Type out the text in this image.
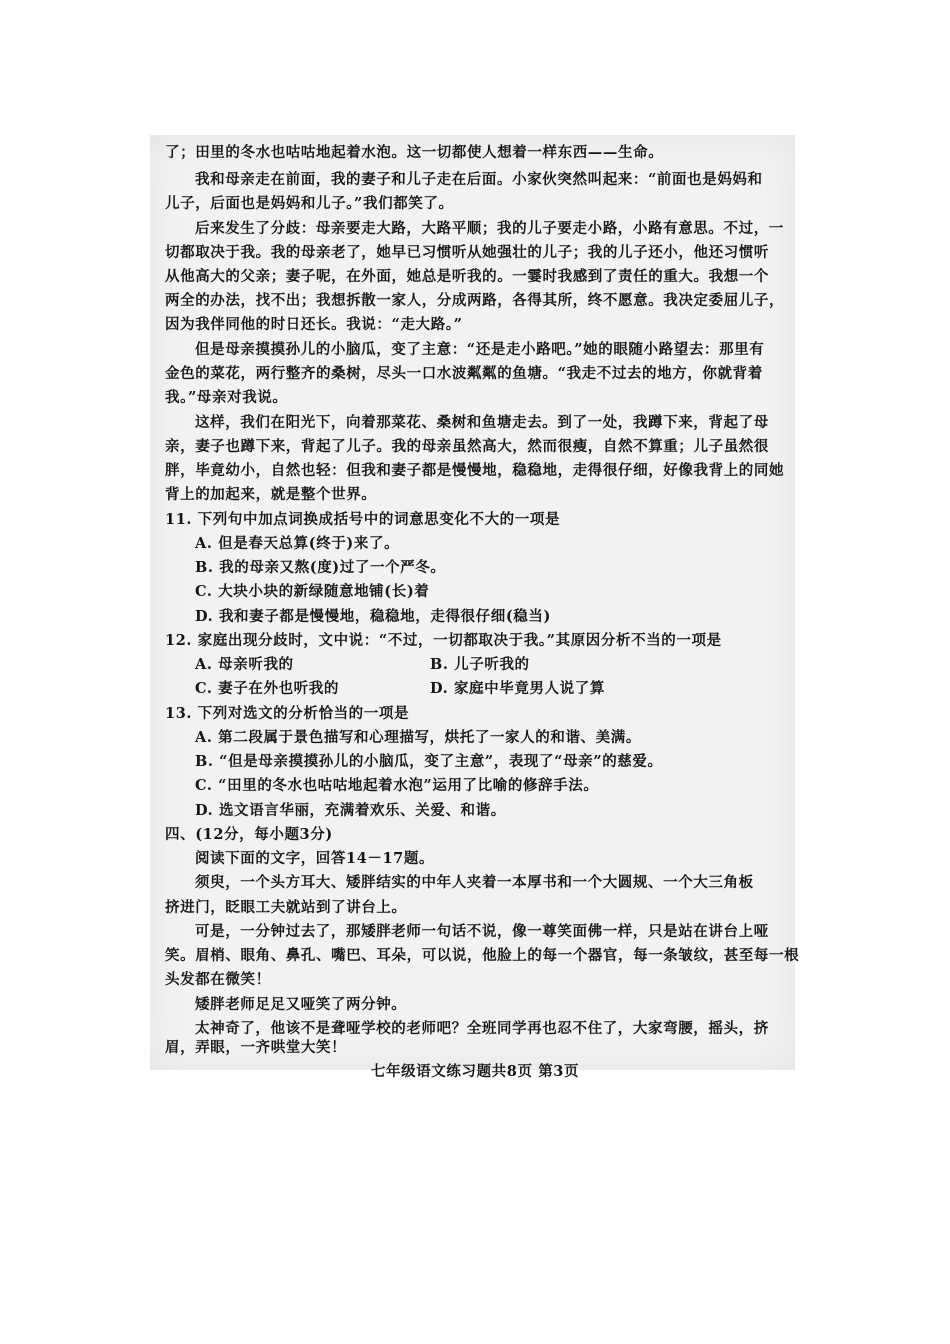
了；田里的冬水也咕咕地起着水泡。这一切都使人想着一样东西——生命。
我和母亲走在前面，我的妻子和儿子走在后面。小家伙突然叫起来：“前面也是妈妈和
儿子，后面也是妈妈和儿子。”我们都笑了。
后来发生了分歧：母亲要走大路，大路平顺；我的儿子要走小路，小路有意思。不过，一
切都取决于我。我的母亲老了，她早已习惯听从她强壮的儿子；我的儿子还小，他还习惯听
从他高大的父亲；妻子呢，在外面，她总是听我的。一霎时我感到了责任的重大。我想一个
两全的办法，找不出；我想拆散一家人，分成两路，各得其所，终不愿意。我决定委屈儿子，
因为我伴同他的时日还长。我说：“走大路。”
但是母亲摸摸孙儿的小脑瓜，变了主意：“还是走小路吧。”她的眼随小路望去：那里有
金色的菜花，两行整齐的桑树，尽头一口水波粼粼的鱼塘。“我走不过去的地方，你就背着
我。”母亲对我说。
这样，我们在阳光下，向着那菜花、桑树和鱼塘走去。到了一处，我蹲下来，背起了母
亲，妻子也蹲下来，背起了儿子。我的母亲虽然高大，然而很瘦，自然不算重；儿子虽然很
胖，毕竟幼小，自然也轻：但我和妻子都是慢慢地，稳稳地，走得很仔细，好像我背上的同她
背上的加起来，就是整个世界。
11. 下列句中加点词换成括号中的词意思变化不大的一项是
A. 但是春天总算(终于)来了。
B. 我的母亲又熬(度)过了一个严冬。
C. 大块小块的新绿随意地铺(长)着
D. 我和妻子都是慢慢地，稳稳地，走得很仔细(稳当)
12. 家庭出现分歧时，文中说：“不过，一切都取决于我。”其原因分析不当的一项是
A. 母亲听我的	B. 儿子听我的
C. 妻子在外也听我的	D. 家庭中毕竟男人说了算
13. 下列对选文的分析恰当的一项是
A. 第二段属于景色描写和心理描写，烘托了一家人的和谐、美满。
B. “但是母亲摸摸孙儿的小脑瓜，变了主意”，表现了“母亲”的慈爱。
C. “田里的冬水也咕咕地起着水泡”运用了比喻的修辞手法。
D. 选文语言华丽，充满着欢乐、关爱、和谐。
四、(12分，每小题3分)
阅读下面的文字，回答14－17题。
须臾，一个头方耳大、矮胖结实的中年人夹着一本厚书和一个大圆规、一个大三角板
挤进门，眨眼工夫就站到了讲台上。
可是，一分钟过去了，那矮胖老师一句话不说，像一尊笑面佛一样，只是站在讲台上哑
笑。眉梢、眼角、鼻孔、嘴巴、耳朵，可以说，他脸上的每一个器官，每一条皱纹，甚至每一根
头发都在微笑！
矮胖老师足足又哑笑了两分钟。
太神奇了，他该不是聋哑学校的老师吧？全班同学再也忍不住了，大家弯腰，摇头，挤
七年级语文练习题共8页 第3页
眉，弄眼，一齐哄堂大笑！
